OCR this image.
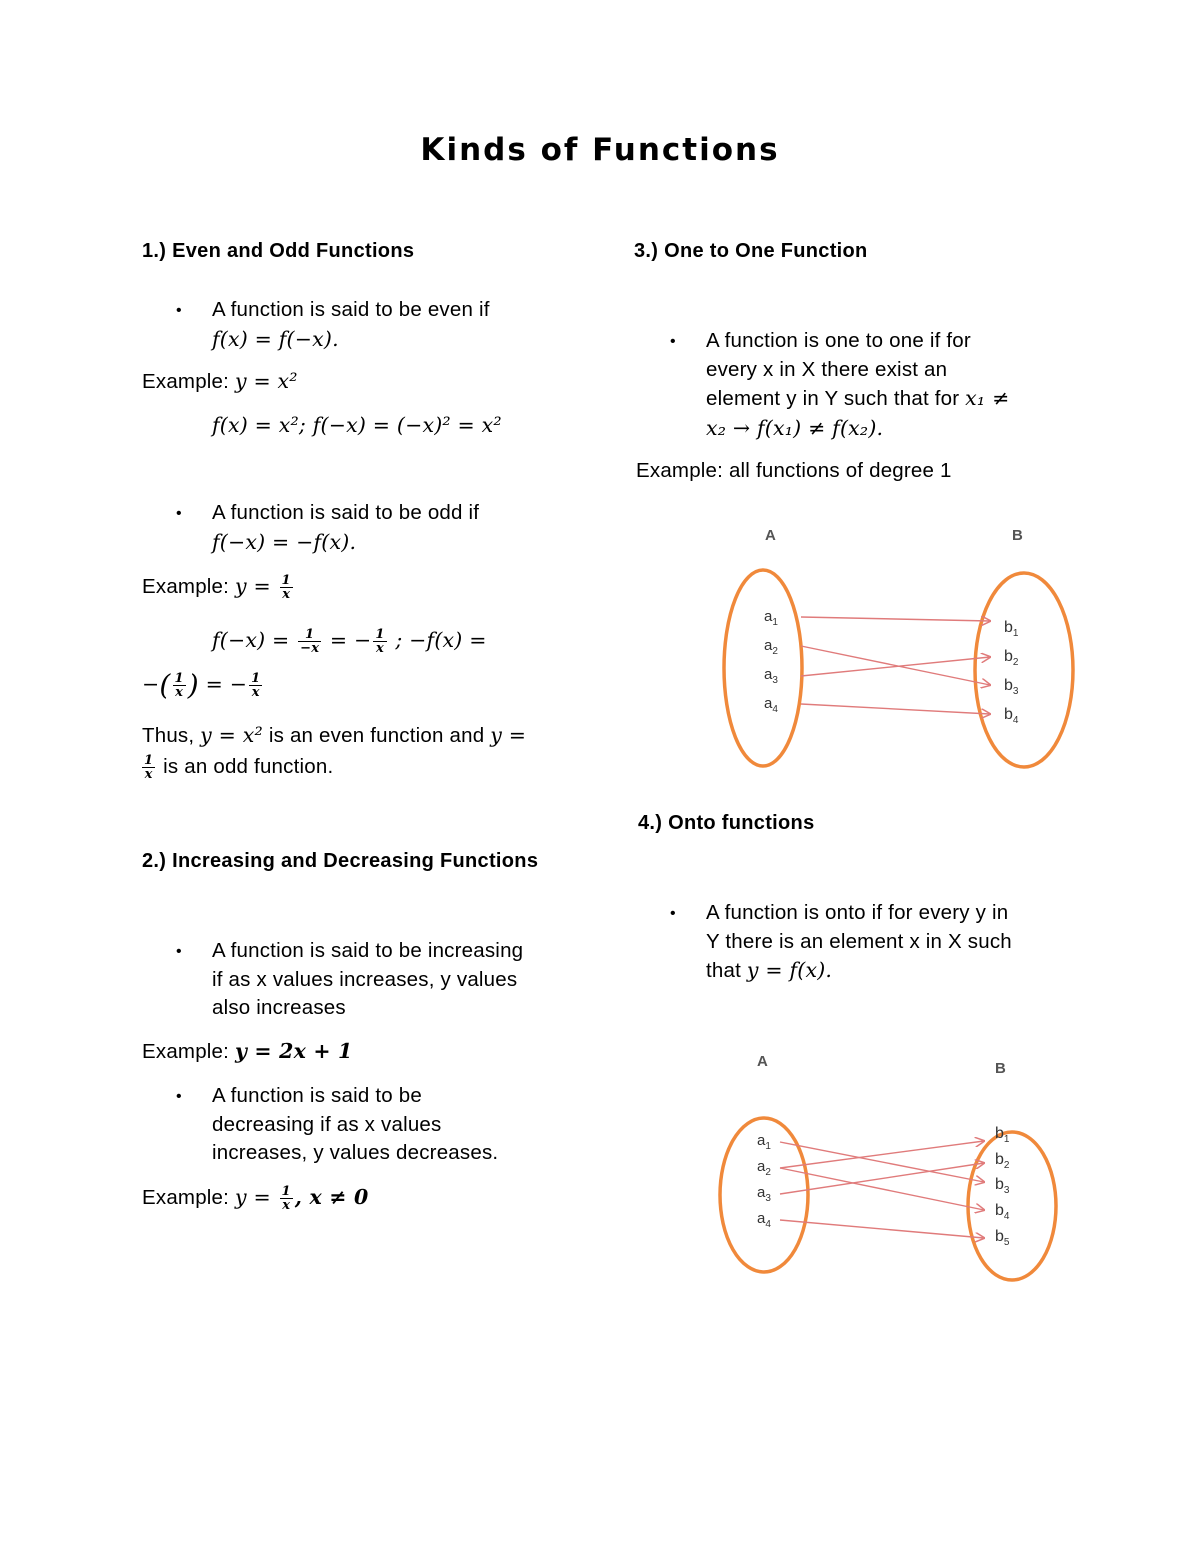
Kinds of Functions
1.) Even and Odd Functions
• A function is said to be even if
f(x) = f(−x).
Example: y = x²
f(x) = x²; f(−x) = (−x)² = x²
• A function is said to be odd if
f(−x) = −f(x).
Example: $y = \frac{1}{x}$
$f(-x) = \frac{1}{-x}$ = − $\frac{1}{x}$ ; −f(x) =
−( $\frac{1}{x}$ ) = − $\frac{1}{x}$
Thus, y = x² is an even function and y =
$\frac{1}{x}$ is an odd function.
2.) Increasing and Decreasing Functions
• A function is said to be increasing
if as x values increases, y values
also increases
Example: y = 2x + 1
• A function is said to be
decreasing if as x values
increases, y values decreases.
Example: $y = \frac{1}{x}$ , x ≠ 0
3.) One to One Function
• A function is one to one if for
every x in X there exist an
element y in Y such that for x₁ ≠
x₂ → f(x₁) ≠ f(x₂).
Example: all functions of degree 1
A	B
$a_1$
$a_2$
$a_3$
$a_4$
$b_1$
$b_2$
$b_3$
$b_4$
4.) Onto functions
• A function is onto if for every y in
Y there is an element x in X such
that y = f(x).
A	B
$a_1$
$a_2$
$a_3$
$a_4$
$b_1$
$b_2$
$b_3$
$b_4$
$b_5$
